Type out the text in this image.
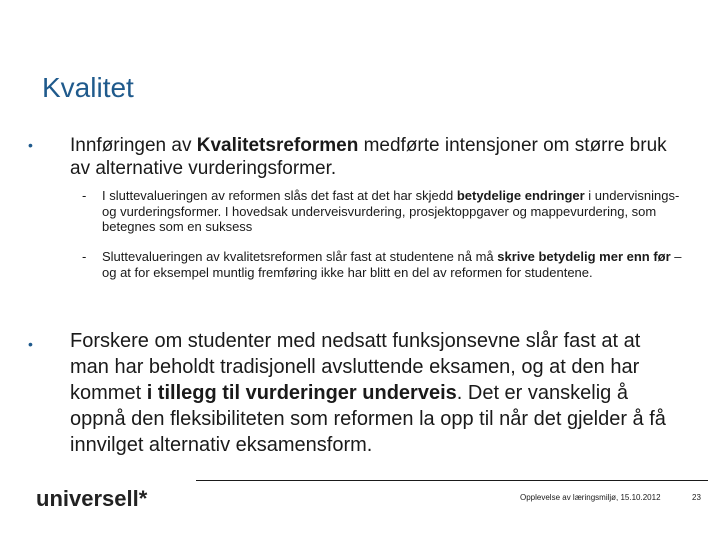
Kvalitet
• Innføringen av Kvalitetsreformen medførte intensjoner om større bruk av alternative vurderingsformer.
- I sluttevalueringen av reformen slås det fast at det har skjedd betydelige endringer i undervisnings- og vurderingsformer. I hovedsak underveisvurdering, prosjektoppgaver og mappevurdering, som betegnes som en suksess
- Sluttevalueringen av kvalitetsreformen slår fast at studentene nå må skrive betydelig mer enn før – og at for eksempel muntlig fremføring ikke har blitt en del av reformen for studentene.
• Forskere om studenter med nedsatt funksjonsevne slår fast at at man har beholdt tradisjonell avsluttende eksamen, og at den har kommet i tillegg til vurderinger underveis. Det er vanskelig å oppnå den fleksibiliteten som reformen la opp til når det gjelder å få innvilget alternativ eksamensform.
universell*	Opplevelse av læringsmiljø, 15.10.2012	23
